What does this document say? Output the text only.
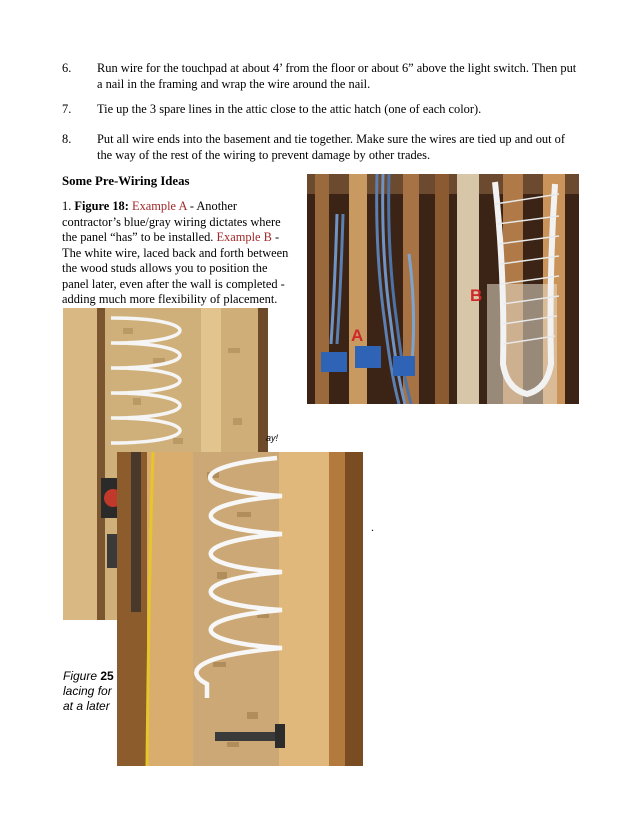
6. Run wire for the touchpad at about 4’ from the floor or about 6” above the light switch. Then put a nail in the framing and wrap the wire around the nail.
7. Tie up the 3 spare lines in the attic close to the attic hatch (one of each color).
8. Put all wire ends into the basement and tie together. Make sure the wires are tied up and out of the way of the rest of the wiring to prevent damage by other trades.
Some Pre-Wiring Ideas
1. Figure 18: Example A - Another contractor’s blue/gray wiring dictates where the panel “has” to be installed. Example B - The white wire, laced back and forth between the wood studs allows you to position the panel later, even after the wall is completed - adding much more flexibility of placement.
A
B
ay!
.
Figure 25
lacing for
at a later
